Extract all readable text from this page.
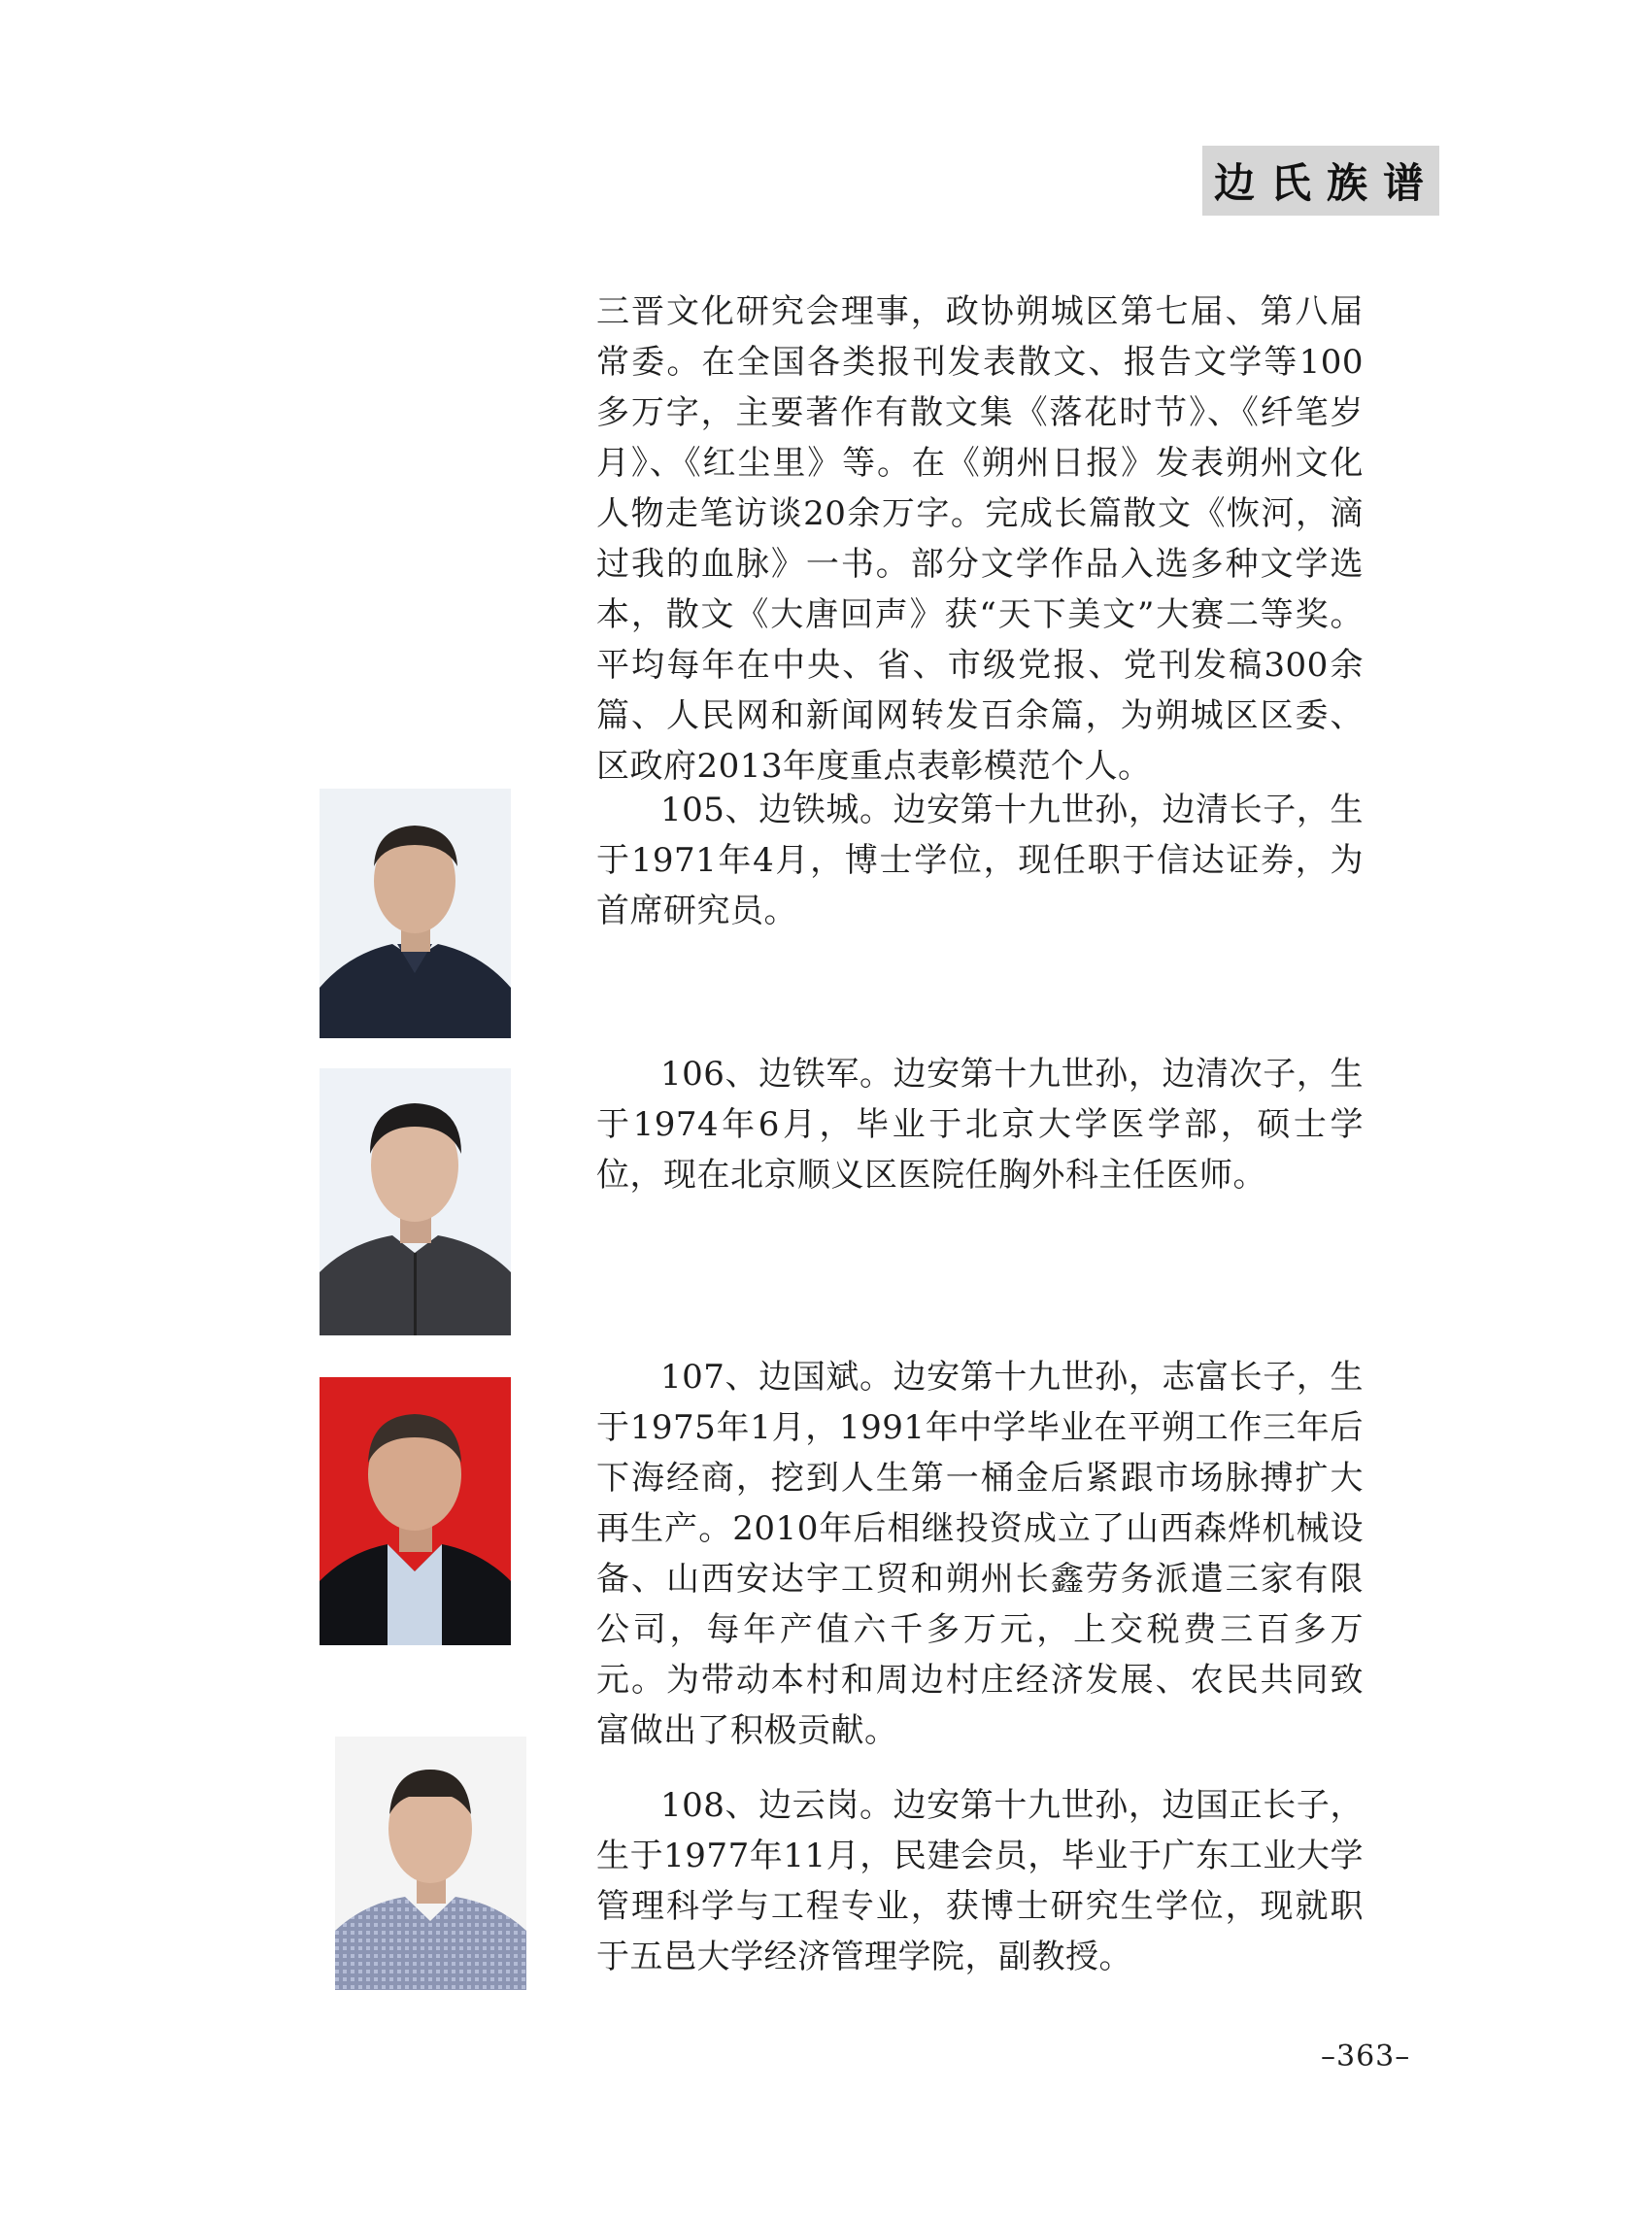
边氏族谱

三晋文化研究会理事，政协朔城区第七届、第八届常委。在全国各类报刊发表散文、报告文学等100多万字，主要著作有散文集《落花时节》、《纤笔岁月》、《红尘里》等。在《朔州日报》发表朔州文化人物走笔访谈20余万字。完成长篇散文《恢河，滴过我的血脉》一书。部分文学作品入选多种文学选本，散文《大唐回声》获“天下美文”大赛二等奖。平均每年在中央、省、市级党报、党刊发稿300余篇、人民网和新闻网转发百余篇，为朔城区区委、区政府2013年度重点表彰模范个人。

105、边铁城。边安第十九世孙，边清长子，生于1971年4月，博士学位，现任职于信达证券，为首席研究员。

106、边铁军。边安第十九世孙，边清次子，生于1974年6月，毕业于北京大学医学部，硕士学位，现在北京顺义区医院任胸外科主任医师。

107、边国斌。边安第十九世孙，志富长子，生于1975年1月，1991年中学毕业在平朔工作三年后下海经商，挖到人生第一桶金后紧跟市场脉搏扩大再生产。2010年后相继投资成立了山西森烨机械设备、山西安达宇工贸和朔州长鑫劳务派遣三家有限公司，每年产值六千多万元，上交税费三百多万元。为带动本村和周边村庄经济发展、农民共同致富做出了积极贡献。

108、边云岗。边安第十九世孙，边国正长子，生于1977年11月，民建会员，毕业于广东工业大学管理科学与工程专业，获博士研究生学位，现就职于五邑大学经济管理学院，副教授。

–363–
